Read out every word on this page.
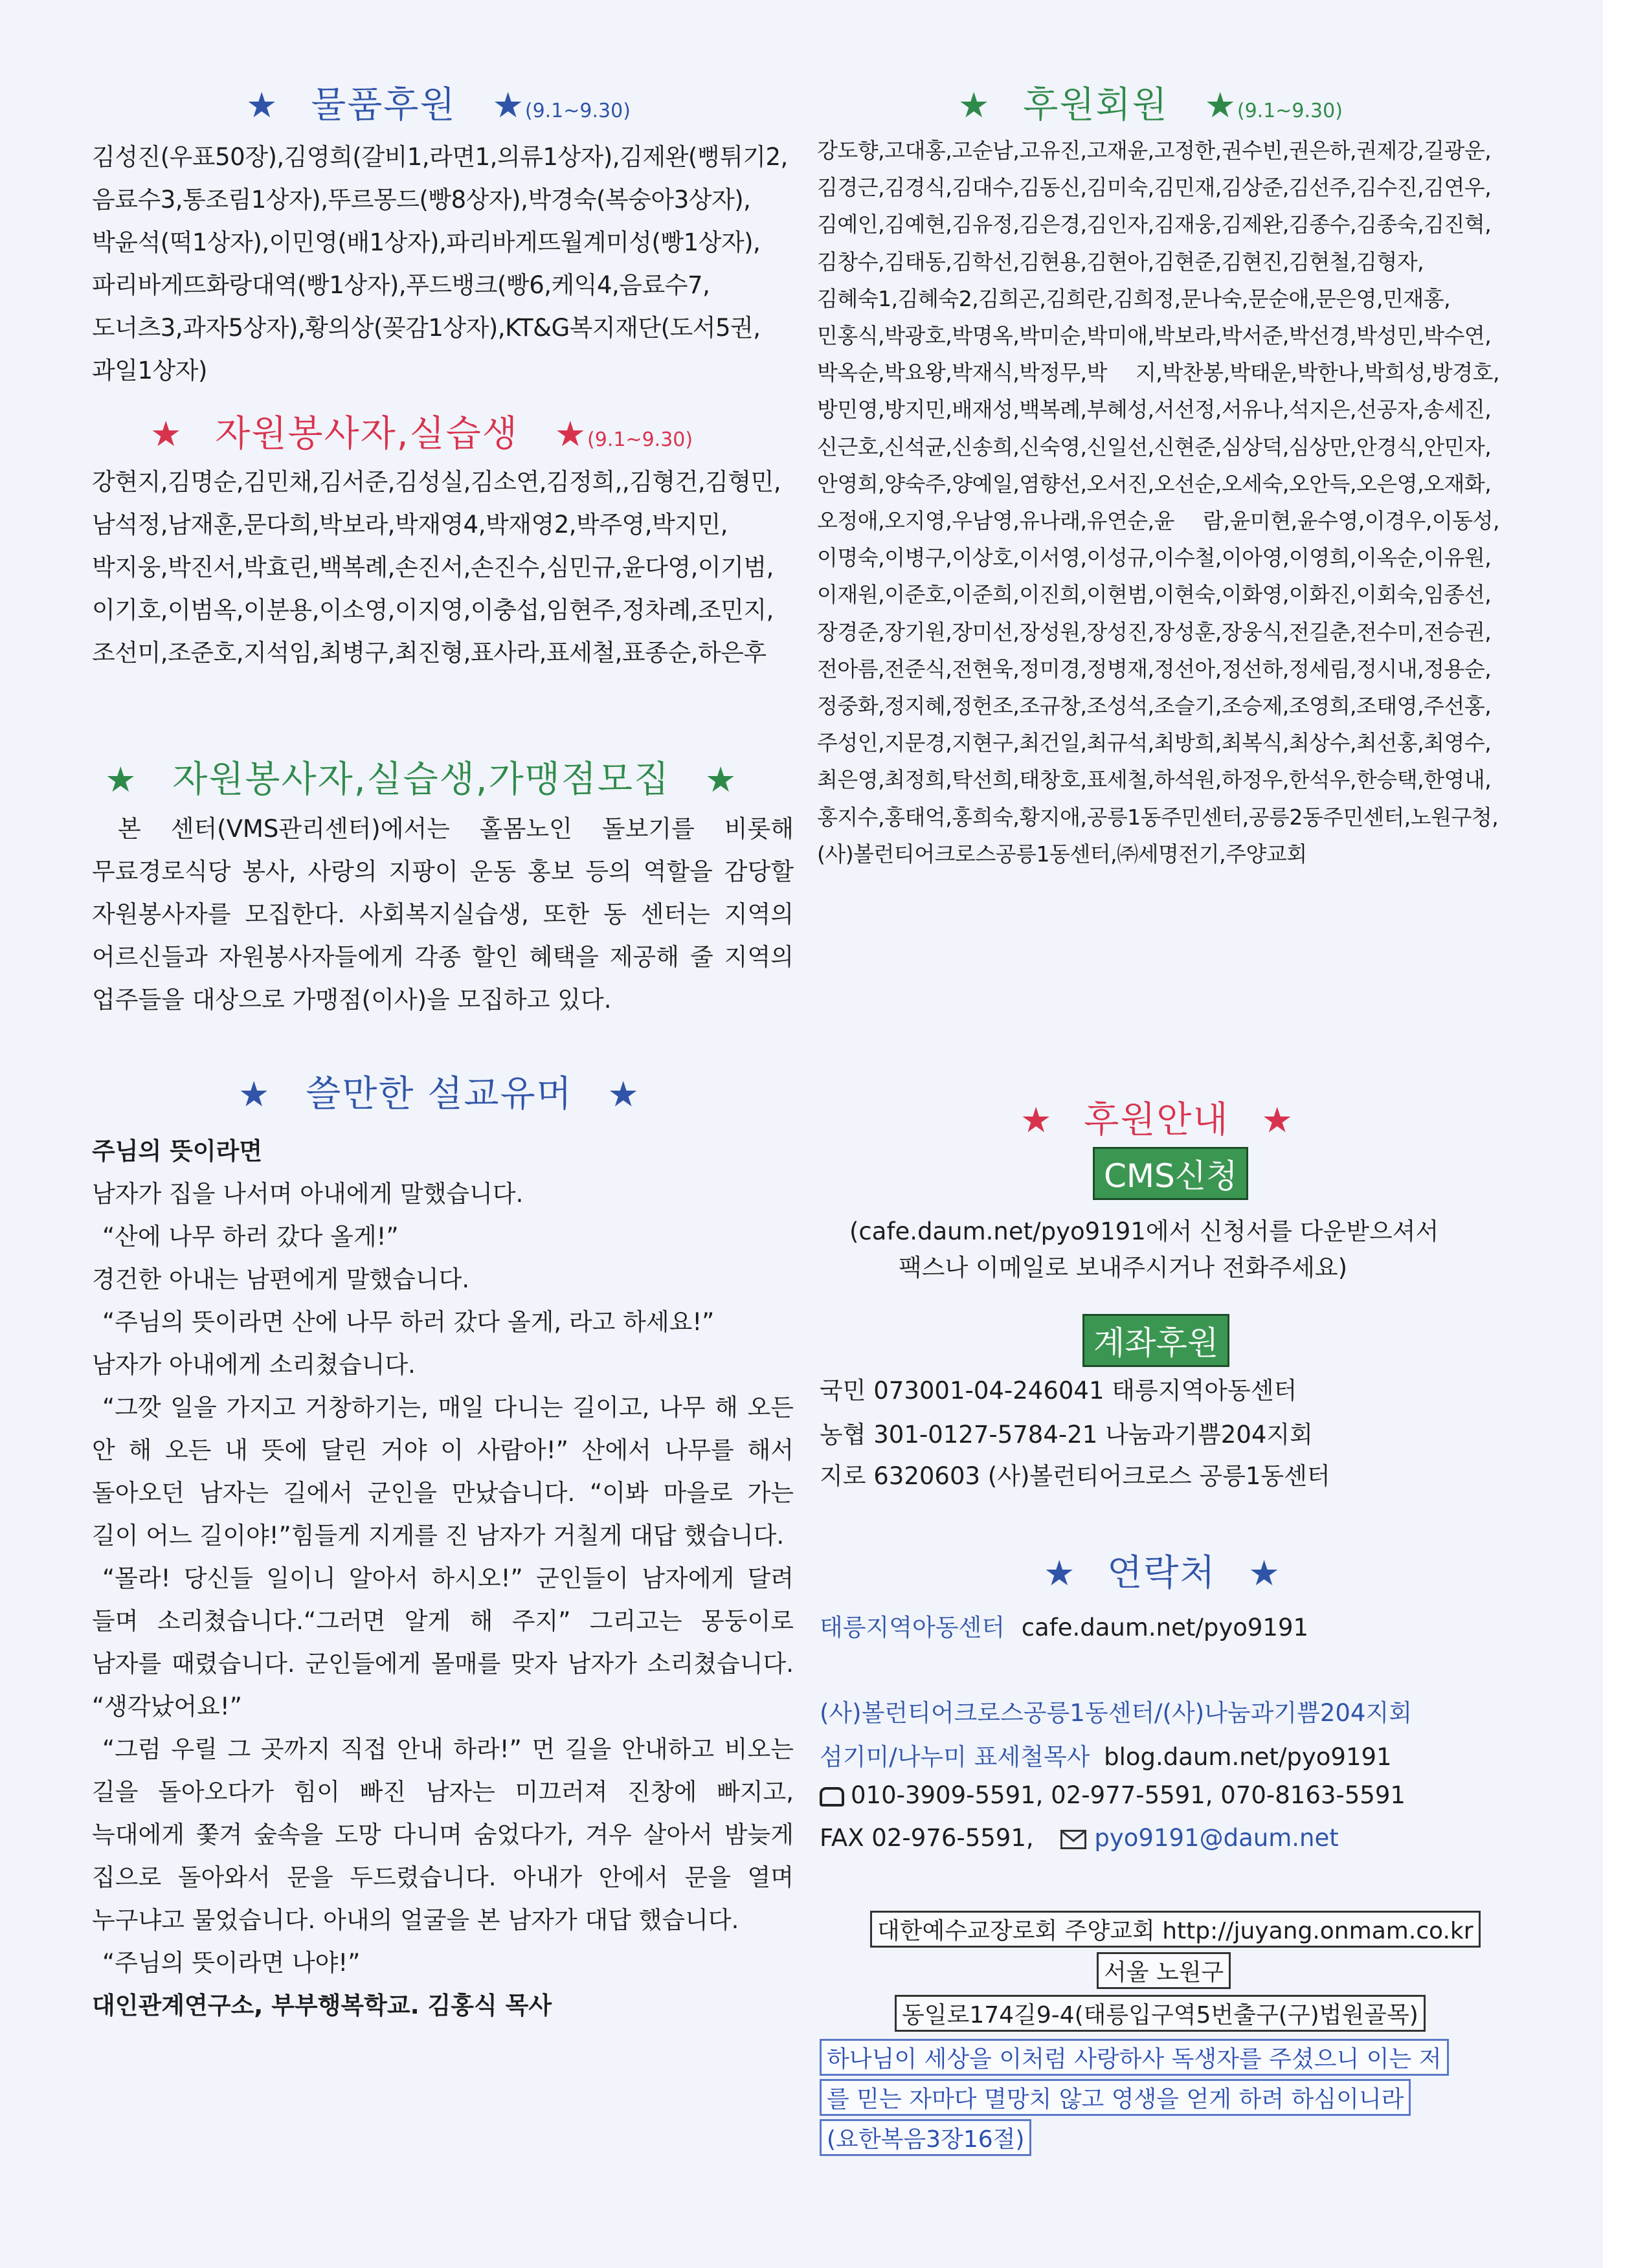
★ 물품후원 ★(9.1~9.30)
김성진(우표50장),김영희(갈비1,라면1,의류1상자),김제완(뻥튀기2,음료수3,통조림1상자),뚜르몽드(빵8상자),박경숙(복숭아3상자),박윤석(떡1상자),이민영(배1상자),파리바게뜨월계미성(빵1상자),파리바게뜨화랑대역(빵1상자),푸드뱅크(빵6,케익4,음료수7,도너츠3,과자5상자),황의상(꽂감1상자),KT&G복지재단(도서5권,과일1상자)
★ 자원봉사자,실습생 ★(9.1~9.30)
강현지,김명순,김민채,김서준,김성실,김소연,김정희,,김형건,김형민,남석정,남재훈,문다희,박보라,박재영4,박재영2,박주영,박지민,박지웅,박진서,박효린,백복례,손진서,손진수,심민규,윤다영,이기범,이기호,이범옥,이분용,이소영,이지영,이충섭,임현주,정차례,조민지,조선미,조준호,지석임,최병구,최진형,표사라,표세철,표종순,하은후
★ 자원봉사자,실습생,가맹점모집 ★
본 센터(VMS관리센터)에서는 홀몸노인 돌보기를 비롯해 무료경로식당 봉사, 사랑의 지팡이 운동 홍보 등의 역할을 감당할 자원봉사자를 모집한다. 사회복지실습생, 또한 동 센터는 지역의 어르신들과 자원봉사자들에게 각종 할인 혜택을 제공해 줄 지역의 업주들을 대상으로 가맹점(이사)을 모집하고 있다.
★ 쓸만한 설교유머 ★
주님의 뜻이라면
남자가 집을 나서며 아내에게 말했습니다.
“산에 나무 하러 갔다 올게!”
경건한 아내는 남편에게 말했습니다.
“주님의 뜻이라면 산에 나무 하러 갔다 올게, 라고 하세요!”
남자가 아내에게 소리쳤습니다.
“그깟 일을 가지고 거창하기는, 매일 다니는 길이고, 나무 해 오든 안 해 오든 내 뜻에 달린 거야 이 사람아!” 산에서 나무를 해서 돌아오던 남자는 길에서 군인을 만났습니다. “이봐 마을로 가는 길이 어느 길이야!”힘들게 지게를 진 남자가 거칠게 대답 했습니다.
“몰라! 당신들 일이니 알아서 하시오!” 군인들이 남자에게 달려 들며 소리쳤습니다.“그러면 알게 해 주지” 그리고는 몽둥이로 남자를 때렸습니다. 군인들에게 몰매를 맞자 남자가 소리쳤습니다. “생각났어요!”
“그럼 우릴 그 곳까지 직접 안내 하라!” 먼 길을 안내하고 비오는 길을 돌아오다가 힘이 빠진 남자는 미끄러져 진창에 빠지고, 늑대에게 쫓겨 숲속을 도망 다니며 숨었다가, 겨우 살아서 밤늦게 집으로 돌아와서 문을 두드렸습니다. 아내가 안에서 문을 열며 누구냐고 물었습니다. 아내의 얼굴을 본 남자가 대답 했습니다.
“주님의 뜻이라면 나야!”
대인관계연구소, 부부행복학교. 김홍식 목사
★ 후원회원 ★(9.1~9.30)
강도향,고대홍,고순남,고유진,고재윤,고정한,권수빈,권은하,권제강,길광운,김경근,김경식,김대수,김동신,김미숙,김민재,김상준,김선주,김수진,김연우,김예인,김예현,김유정,김은경,김인자,김재웅,김제완,김종수,김종숙,김진혁,김창수,김태동,김학선,김현용,김현아,김현준,김현진,김현철,김형자,김혜숙1,김혜숙2,김희곤,김희란,김희정,문나숙,문순애,문은영,민재홍,민홍식,박광호,박명옥,박미순,박미애,박보라,박서준,박선경,박성민,박수연,박옥순,박요왕,박재식,박정무,박 지,박찬봉,박태운,박한나,박희성,방경호,방민영,방지민,배재성,백복례,부혜성,서선정,서유나,석지은,선공자,송세진,신근호,신석균,신송희,신숙영,신일선,신현준,심상덕,심상만,안경식,안민자,안영희,양숙주,양예일,염향선,오서진,오선순,오세숙,오안득,오은영,오재화,오정애,오지영,우남영,유나래,유연순,윤 람,윤미현,윤수영,이경우,이동성,이명숙,이병구,이상호,이서영,이성규,이수철,이아영,이영희,이옥순,이유원,이재원,이준호,이준희,이진희,이현범,이현숙,이화영,이화진,이회숙,임종선,장경준,장기원,장미선,장성원,장성진,장성훈,장웅식,전길춘,전수미,전승권,전아름,전준식,전현욱,정미경,정병재,정선아,정선하,정세림,정시내,정용순,정중화,정지혜,정헌조,조규창,조성석,조슬기,조승제,조영희,조태영,주선홍,주성인,지문경,지현구,최건일,최규석,최방희,최복식,최상수,최선홍,최영수,최은영,최정희,탁선희,태창호,표세철,하석원,하정우,한석우,한승택,한영내,홍지수,홍태억,홍희숙,황지애,공릉1동주민센터,공릉2동주민센터,노원구청,(사)볼런티어크로스공릉1동센터,㈜세명전기,주양교회
★ 후원안내 ★
CMS신청
(cafe.daum.net/pyo9191에서 신청서를 다운받으셔서
팩스나 이메일로 보내주시거나 전화주세요)
계좌후원
국민 073001-04-246041 태릉지역아동센터
농협 301-0127-5784-21 나눔과기쁨204지회
지로 6320603 (사)볼런티어크로스 공릉1동센터
★ 연락처 ★
태릉지역아동센터 cafe.daum.net/pyo9191
(사)볼런티어크로스공릉1동센터/(사)나눔과기쁨204지회
섬기미/나누미 표세철목사 blog.daum.net/pyo9191
010-3909-5591, 02-977-5591, 070-8163-5591
FAX 02-976-5591,	pyo9191@daum.net
대한예수교장로회 주양교회 http://juyang.onmam.co.kr
서울 노원구
동일로174길9-4(태릉입구역5번출구(구)법원골목)
하나님이 세상을 이처럼 사랑하사 독생자를 주셨으니 이는 저
를 믿는 자마다 멸망치 않고 영생을 얻게 하려 하심이니라
(요한복음3장16절)
